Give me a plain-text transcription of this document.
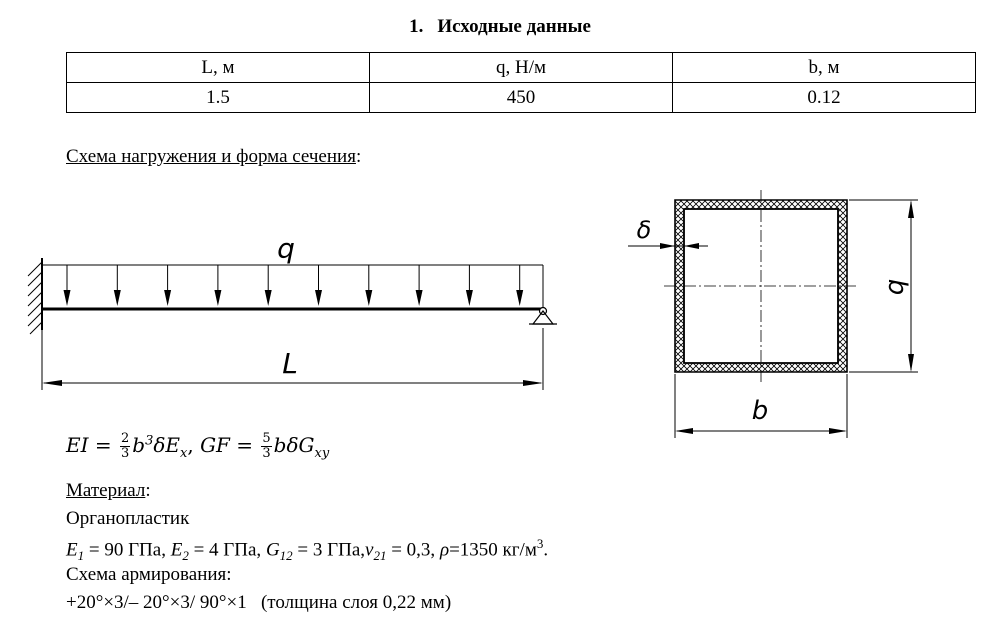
1. Исходные данные
L, м	q, Н/м	b, м
1.5	450	0.12
Схема нагружения и форма сечения:
q
L
δ
b
b
EI = $\frac{2}{3} b^3\delta E_x$, GF = $\frac{5}{3} b\delta G_{xy}$
Материал:
Органопластик
$E_1 = 90$ ГПа, $E_2 = 4$ ГПа, $G_{12} = 3$ $ГПа,\nu_{21} = 0,3$, ρ=1350 $кг/м^3$.
Схема армирования:
+20°×3/– 20°×3/ 90°×1 (толщина слоя 0,22 мм)
